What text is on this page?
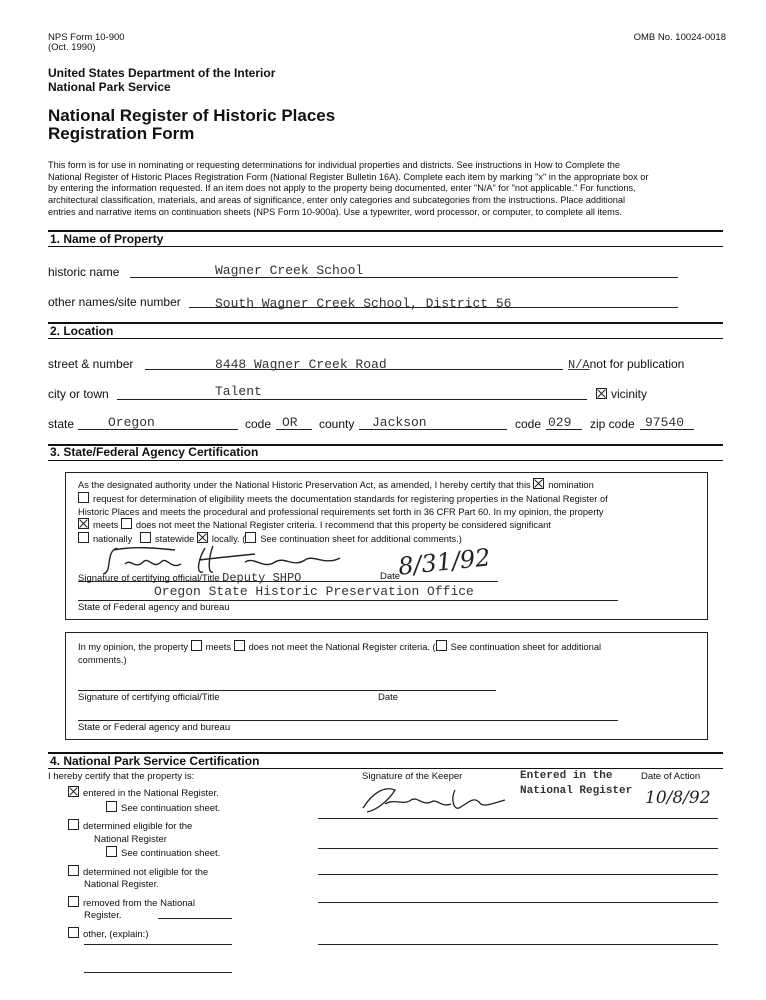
NPS Form 10-900
(Oct. 1990)
OMB No. 10024-0018
United States Department of the Interior
National Park Service
National Register of Historic Places
Registration Form
This form is for use in nominating or requesting determinations for individual properties and districts. See instructions in How to Complete the
National Register of Historic Places Registration Form (National Register Bulletin 16A). Complete each item by marking "x" in the appropriate box or
by entering the information requested. If an item does not apply to the property being documented, enter "N/A" for "not applicable." For functions,
architectural classification, materials, and areas of significance, enter only categories and subcategories from the instructions. Place additional
entries and narrative items on continuation sheets (NPS Form 10-900a). Use a typewriter, word processor, or computer, to complete all items.
1. Name of Property
historic name	Wagner Creek School
other names/site number	South Wagner Creek School, District 56
2. Location
street & number	8448 Wagner Creek Road	N/Anot for publication
city or town	Talent	vicinity
state	Oregon	code OR county Jackson	code 029 zip code 97540
3. State/Federal Agency Certification
As the designated authority under the National Historic Preservation Act, as amended, I hereby certify that this nomination
request for determination of eligibility meets the documentation standards for registering properties in the National Register of
Historic Places and meets the procedural and professional requirements set forth in 36 CFR Part 60. In my opinion, the property
meets does not meet the National Register criteria. I recommend that this property be considered significant
nationally statewide locally. ( See continuation sheet for additional comments.)
8/31/92
Signature of certifying official/Title Deputy SHPO	Date
Oregon State Historic Preservation Office
State of Federal agency and bureau
In my opinion, the property meets does not meet the National Register criteria. ( See continuation sheet for additional
comments.)
Signature of certifying official/Title	Date
State or Federal agency and bureau
4. National Park Service Certification
I hereby certify that the property is:	Signature of the Keeper	Entered in the
National Register
Date of Action
10/8/92
entered in the National Register.
See continuation sheet.
determined eligible for the
National Register
See continuation sheet.
determined not eligible for the
National Register.
removed from the National
Register.
other, (explain:)
